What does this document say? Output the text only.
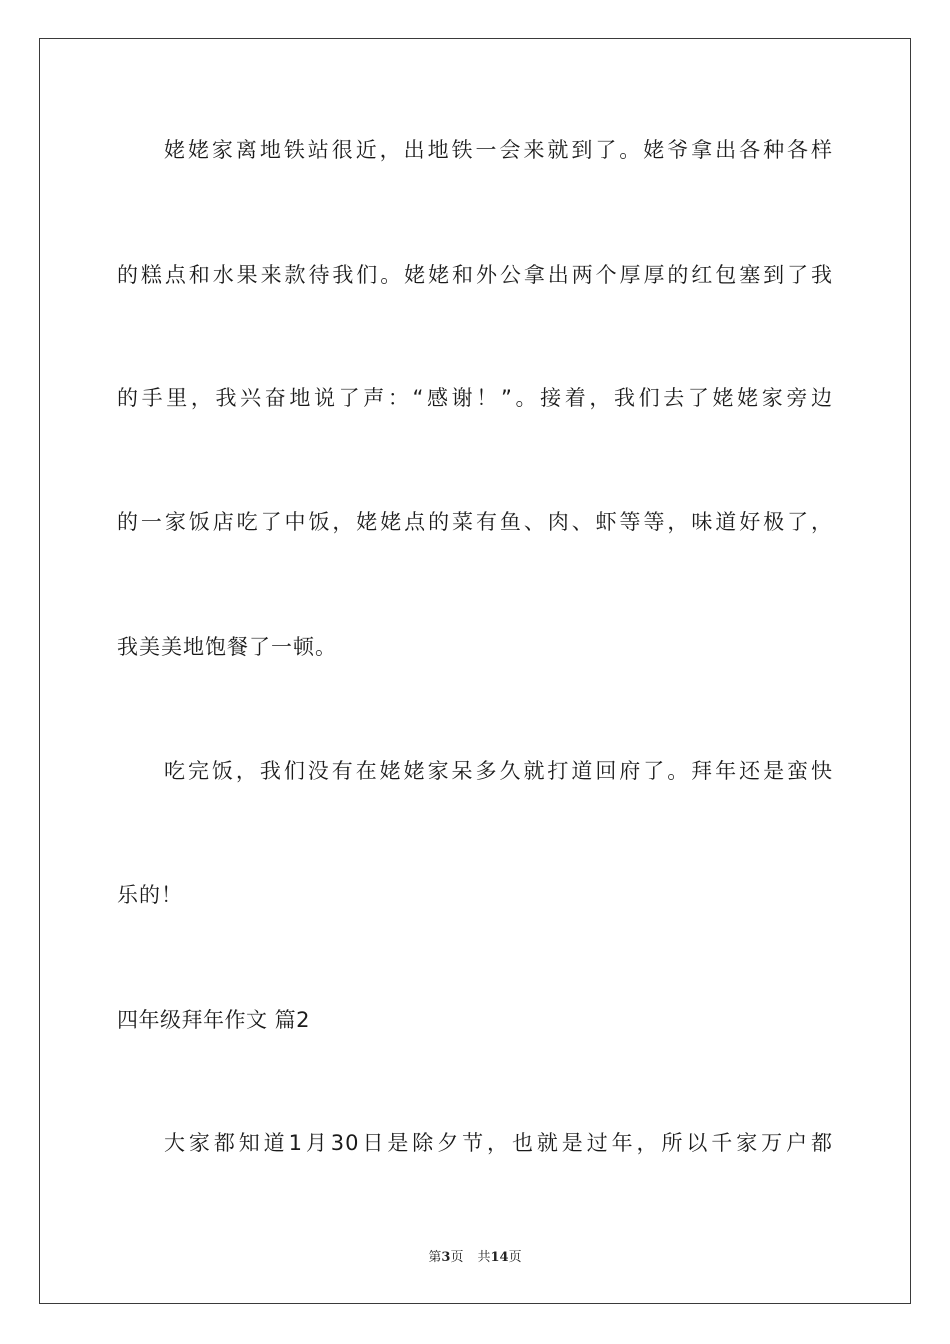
姥姥家离地铁站很近，出地铁一会来就到了。姥爷拿出各种各样
的糕点和水果来款待我们。姥姥和外公拿出两个厚厚的红包塞到了我
的手里，我兴奋地说了声：“感谢！”。接着，我们去了姥姥家旁边
的一家饭店吃了中饭，姥姥点的菜有鱼、肉、虾等等，味道好极了，
我美美地饱餐了一顿。
吃完饭，我们没有在姥姥家呆多久就打道回府了。拜年还是蛮快
乐的！
四年级拜年作文 篇2
大家都知道1月30日是除夕节，也就是过年，所以千家万户都
第3页 共14页
